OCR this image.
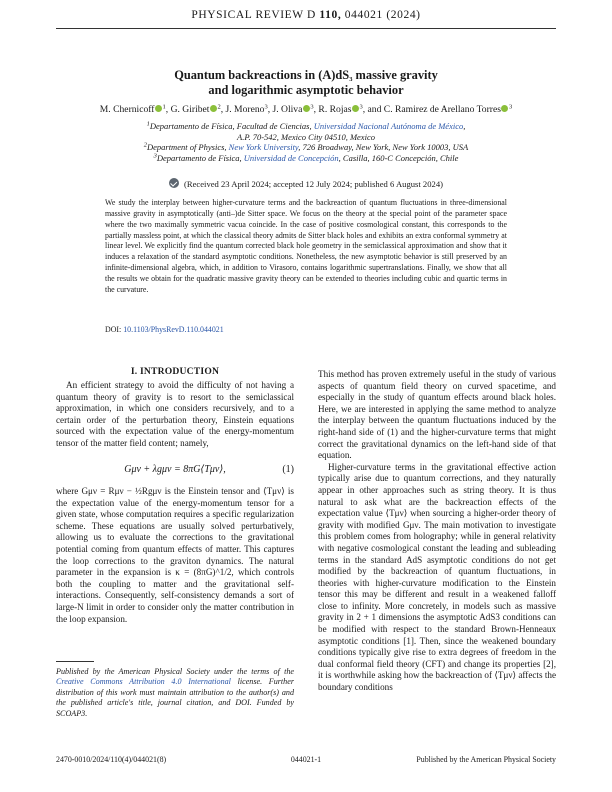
PHYSICAL REVIEW D 110, 044021 (2024)
Quantum backreactions in $(A)dS_3$ massive gravity
and logarithmic asymptotic behavior
M. Chernicoff $^1$, G. Giribet $^2$, J. Moreno$^3$, J. Oliva $^3$, R. Rojas $^3$, and C. Ramirez de Arellano Torres $^3$
$^1$Departamento de Física, Facultad de Ciencias, Universidad Nacional Autónoma de México,
A.P. 70-542, Mexico City 04510, Mexico
$^2$Department of Physics, New York University, 726 Broadway, New York, New York 10003, USA
$^3$Departamento de Física, Universidad de Concepción, Casilla, 160-C Concepción, Chile
(Received 23 April 2024; accepted 12 July 2024; published 6 August 2024)
We study the interplay between higher-curvature terms and the backreaction of quantum fluctuations in three-dimensional massive gravity in asymptotically (anti–)de Sitter space. We focus on the theory at the special point of the parameter space where the two maximally symmetric vacua coincide. In the case of positive cosmological constant, this corresponds to the partially massless point, at which the classical theory admits de Sitter black holes and exhibits an extra conformal symmetry at linear level. We explicitly find the quantum corrected black hole geometry in the semiclassical approximation and show that it induces a relaxation of the standard asymptotic conditions. Nonetheless, the new asymptotic behavior is still preserved by an infinite-dimensional algebra, which, in addition to Virasoro, contains logarithmic supertranslations. Finally, we show that all the results we obtain for the quadratic massive gravity theory can be extended to theories including cubic and quartic terms in the curvature.
DOI: 10.1103/PhysRevD.110.044021
I. INTRODUCTION

An efficient strategy to avoid the difficulty of not having a quantum theory of gravity is to resort to the semiclassical approximation, in which one considers recursively, and to a certain order of the perturbation theory, Einstein equations sourced with the expectation value of the energy-momentum tensor of the matter field content; namely,

Gμν + λgμν = 8πG⟨Tμν⟩,	(1)

where Gμν = Rμν − ½Rgμν is the Einstein tensor and ⟨Tμν⟩ is the expectation value of the energy-momentum tensor for a given state, whose computation requires a specific regularization scheme. These equations are usually solved perturbatively, allowing us to evaluate the corrections to the gravitational potential coming from quantum effects of matter. This captures the loop corrections to the graviton dynamics. The natural parameter in the expansion is κ = (8πG)^1/2, which controls both the coupling to matter and the gravitational self-interactions. Consequently, self-consistency demands a sort of large-N limit in order to consider only the matter contribution in the loop expansion.

This method has proven extremely useful in the study of various aspects of quantum field theory on curved spacetime, and especially in the study of quantum effects around black holes. Here, we are interested in applying the same method to analyze the interplay between the quantum fluctuations induced by the right-hand side of (1) and the higher-curvature terms that might correct the gravitational dynamics on the left-hand side of that equation.

Higher-curvature terms in the gravitational effective action typically arise due to quantum corrections, and they naturally appear in other approaches such as string theory. It is thus natural to ask what are the backreaction effects of the expectation value ⟨Tμν⟩ when sourcing a higher-order theory of gravity with modified Gμν. The main motivation to investigate this problem comes from holography; while in general relativity with negative cosmological constant the leading and subleading terms in the standard AdS asymptotic conditions do not get modified by the backreaction of quantum fluctuations, in theories with higher-curvature modification to the Einstein tensor this may be different and result in a weakened falloff close to infinity. More concretely, in models such as massive gravity in 2 + 1 dimensions the asymptotic AdS3 conditions can be modified with respect to the standard Brown-Henneaux asymptotic conditions [1]. Then, since the weakened boundary conditions typically give rise to extra degrees of freedom in the dual conformal field theory (CFT) and change its properties [2], it is worthwhile asking how the backreaction of ⟨Tμν⟩ affects the boundary conditions

Published by the American Physical Society under the terms of the Creative Commons Attribution 4.0 International license. Further distribution of this work must maintain attribution to the author(s) and the published article's title, journal citation, and DOI. Funded by SCOAP3.
2470-0010/2024/110(4)/044021(8)	044021-1	Published by the American Physical Society
